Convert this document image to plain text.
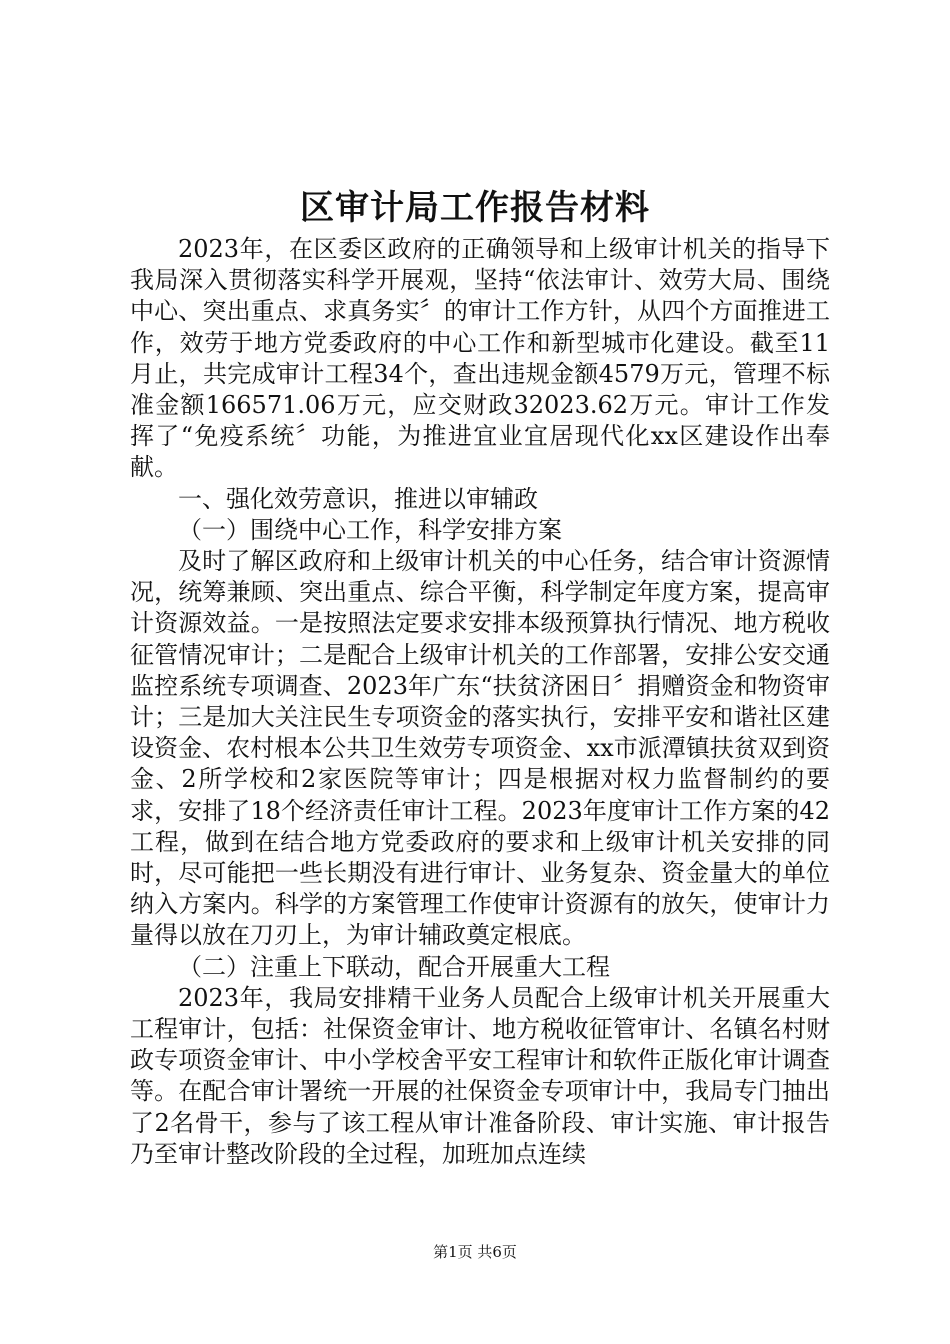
区审计局工作报告材料

2023年，在区委区政府的正确领导和上级审计机关的指导下我局深入贯彻落实科学开展观，坚持“依法审计、效劳大局、围绕中心、突出重点、求真务实〞的审计工作方针，从四个方面推进工作，效劳于地方党委政府的中心工作和新型城市化建设。截至11月止，共完成审计工程34个，查出违规金额4579万元，管理不标准金额166571.06万元，应交财政32023.62万元。审计工作发挥了“免疫系统〞功能，为推进宜业宜居现代化xx区建设作出奉献。

一、强化效劳意识，推进以审辅政

（一）围绕中心工作，科学安排方案

及时了解区政府和上级审计机关的中心任务，结合审计资源情况，统筹兼顾、突出重点、综合平衡，科学制定年度方案，提高审计资源效益。一是按照法定要求安排本级预算执行情况、地方税收征管情况审计；二是配合上级审计机关的工作部署，安排公安交通监控系统专项调查、2023年广东“扶贫济困日〞捐赠资金和物资审计；三是加大关注民生专项资金的落实执行，安排平安和谐社区建设资金、农村根本公共卫生效劳专项资金、xx市派潭镇扶贫双到资金、2所学校和2家医院等审计；四是根据对权力监督制约的要求，安排了18个经济责任审计工程。2023年度审计工作方案的42工程，做到在结合地方党委政府的要求和上级审计机关安排的同时，尽可能把一些长期没有进行审计、业务复杂、资金量大的单位纳入方案内。科学的方案管理工作使审计资源有的放矢，使审计力量得以放在刀刃上，为审计辅政奠定根底。

（二）注重上下联动，配合开展重大工程

2023年，我局安排精干业务人员配合上级审计机关开展重大工程审计，包括：社保资金审计、地方税收征管审计、名镇名村财政专项资金审计、中小学校舍平安工程审计和软件正版化审计调查等。在配合审计署统一开展的社保资金专项审计中，我局专门抽出了2名骨干，参与了该工程从审计准备阶段、审计实施、审计报告乃至审计整改阶段的全过程，加班加点连续

第1页 共6页
